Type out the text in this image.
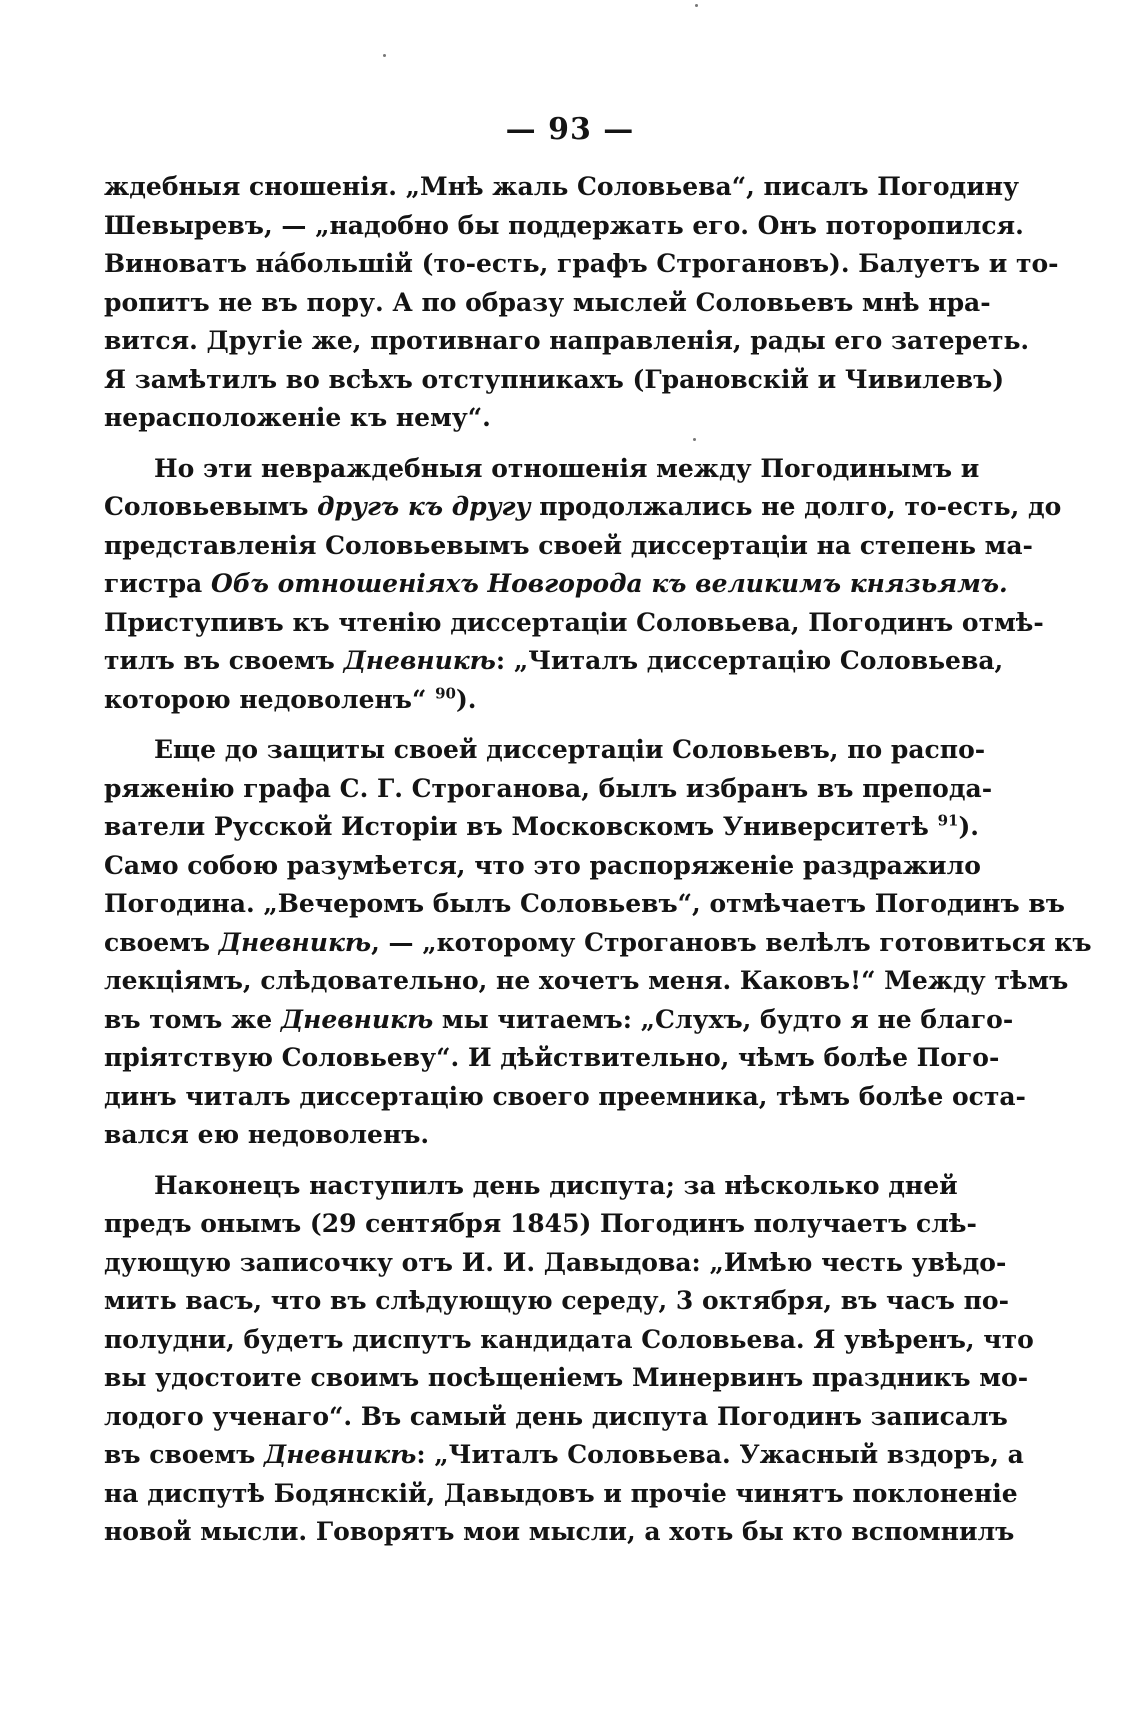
— 93 —
ждебныя сношенія. „Мнѣ жаль Соловьева“, писалъ Погодину
Шевыревъ, — „надобно бы поддержать его. Онъ поторопился.
Виноватъ нáбольшій (то-есть, графъ Строгановъ). Балуетъ и то-
ропитъ не въ пору. А по образу мыслей Соловьевъ мнѣ нра-
вится. Другіе же, противнаго направленія, рады его затереть.
Я замѣтилъ во всѣхъ отступникахъ (Грановскій и Чивилевъ)
нерасположеніе къ нему“.
Но эти невраждебныя отношенія между Погодинымъ и
Соловьевымъ другъ къ другу продолжались не долго, то-есть, до
представленія Соловьевымъ своей диссертаціи на степень ма-
гистра Объ отношеніяхъ Новгорода къ великимъ князьямъ.
Приступивъ къ чтенію диссертаціи Соловьева, Погодинъ отмѣ-
тилъ въ своемъ Дневникѣ: „Читалъ диссертацію Соловьева,
которою недоволенъ“ $^{90}$).
Еще до защиты своей диссертаціи Соловьевъ, по распо-
ряженію графа С. Г. Строганова, былъ избранъ въ препода-
ватели Русской Исторіи въ Московскомъ Университетѣ $^{91}$).
Само собою разумѣется, что это распоряженіе раздражило
Погодина. „Вечеромъ былъ Соловьевъ“, отмѣчаетъ Погодинъ въ
своемъ Дневникѣ, — „которому Строгановъ велѣлъ готовиться къ
лекціямъ, слѣдовательно, не хочетъ меня. Каковъ!“ Между тѣмъ
въ томъ же Дневникѣ мы читаемъ: „Слухъ, будто я не благо-
пріятствую Соловьеву“. И дѣйствительно, чѣмъ болѣе Пого-
динъ читалъ диссертацію своего преемника, тѣмъ болѣе оста-
вался ею недоволенъ.
Наконецъ наступилъ день диспута; за нѣсколько дней
предъ онымъ (29 сентября 1845) Погодинъ получаетъ слѣ-
дующую записочку отъ И. И. Давыдова: „Имѣю честь увѣдо-
мить васъ, что въ слѣдующую середу, 3 октября, въ часъ по-
полудни, будетъ диспутъ кандидата Соловьева. Я увѣренъ, что
вы удостоите своимъ посѣщеніемъ Минервинъ праздникъ мо-
лодого ученаго“. Въ самый день диспута Погодинъ записалъ
въ своемъ Дневникѣ: „Читалъ Соловьева. Ужасный вздоръ, а
на диспутѣ Бодянскій, Давыдовъ и прочіе чинятъ поклоненіе
новой мысли. Говорятъ мои мысли, а хоть бы кто вспомнилъ
